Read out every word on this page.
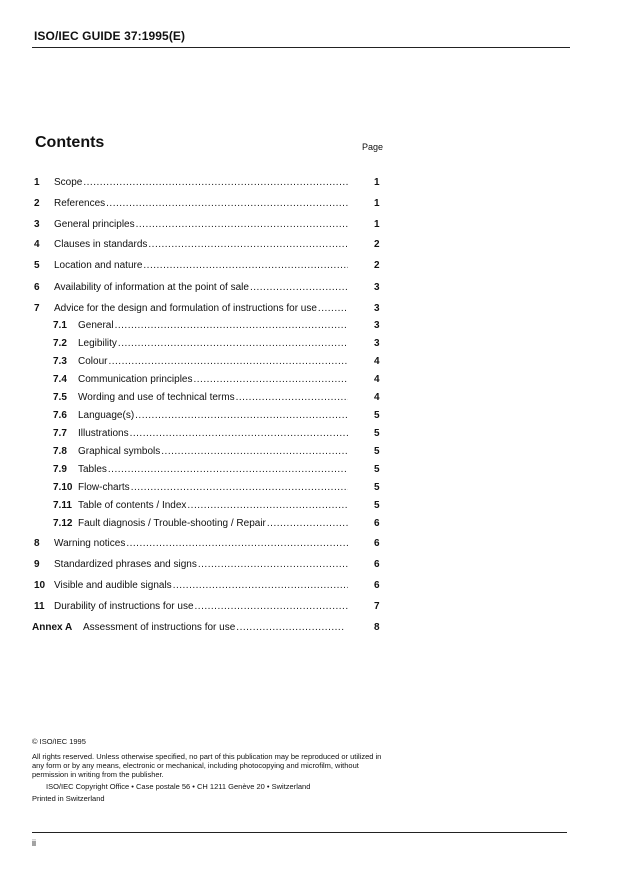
ISO/IEC GUIDE 37:1995(E)
Contents	Page
1 Scope .....	1
2 References .....	1
3 General principles .....	1
4 Clauses in standards .....	2
5 Location and nature .....	2
6 Availability of information at the point of sale .....	3
7 Advice for the design and formulation of instructions for use .....	3
7.1 General .....	3
7.2 Legibility .....	3
7.3 Colour .....	4
7.4 Communication principles .....	4
7.5 Wording and use of technical terms .....	4
7.6 Language(s) .....	5
7.7 Illustrations .....	5
7.8 Graphical symbols .....	5
7.9 Tables .....	5
7.10 Flow-charts .....	5
7.11 Table of contents / Index .....	5
7.12 Fault diagnosis / Trouble-shooting / Repair .....	6
8 Warning notices .....	6
9 Standardized phrases and signs .....	6
10 Visible and audible signals .....	6
11 Durability of instructions for use .....	7
Annex A Assessment of instructions for use .....	8
© ISO/IEC 1995
All rights reserved. Unless otherwise specified, no part of this publication may be reproduced or utilized in any form or by any means, electronic or mechanical, including photocopying and microfilm, without permission in writing from the publisher.
ISO/IEC Copyright Office • Case postale 56 • CH 1211 Genève 20 • Switzerland
Printed in Switzerland
ii
